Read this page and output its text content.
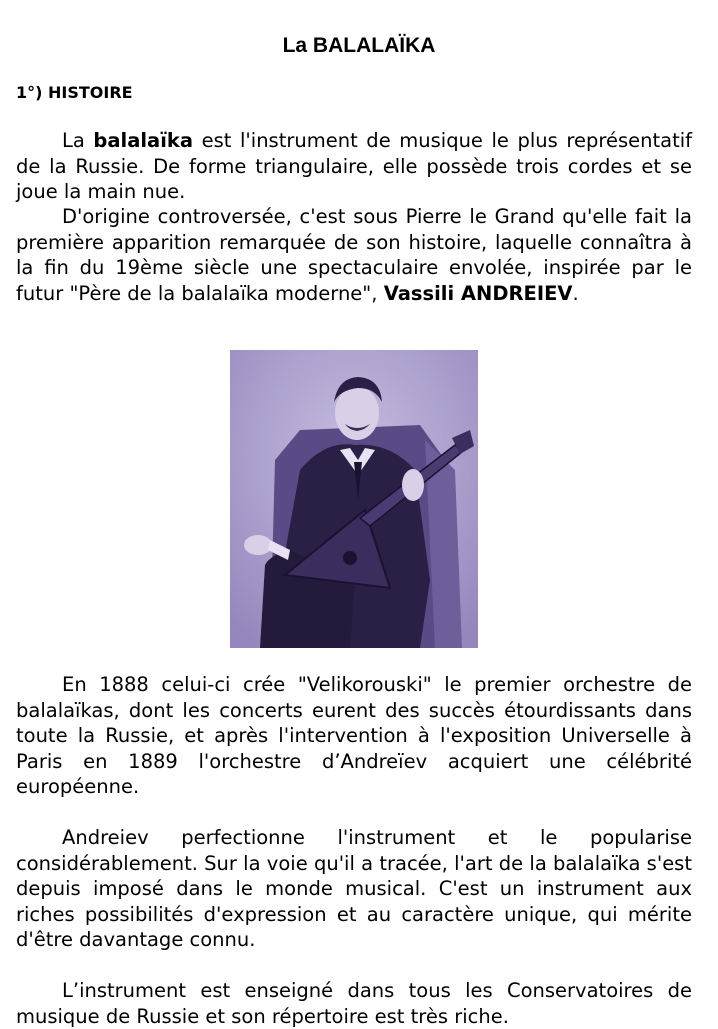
La BALALAÏKA
1°) HISTOIRE

La balalaïka est l'instrument de musique le plus représentatif de la Russie. De forme triangulaire, elle possède trois cordes et se joue la main nue.

D'origine controversée, c'est sous Pierre le Grand qu'elle fait la première apparition remarquée de son histoire, laquelle connaîtra à la fin du 19ème siècle une spectaculaire envolée, inspirée par le futur "Père de la balalaïka moderne", Vassili ANDREIEV.

En 1888 celui-ci crée "Velikorouski" le premier orchestre de balalaïkas, dont les concerts eurent des succès étourdissants dans toute la Russie, et après l'intervention à l'exposition Universelle à Paris en 1889 l'orchestre d’Andreïev acquiert une célébrité européenne.

Andreiev perfectionne l'instrument et le popularise considérablement. Sur la voie qu'il a tracée, l'art de la balalaïka s'est depuis imposé dans le monde musical. C'est un instrument aux riches possibilités d'expression et au caractère unique, qui mérite d'être davantage connu.

L’instrument est enseigné dans tous les Conservatoires de musique de Russie et son répertoire est très riche.
